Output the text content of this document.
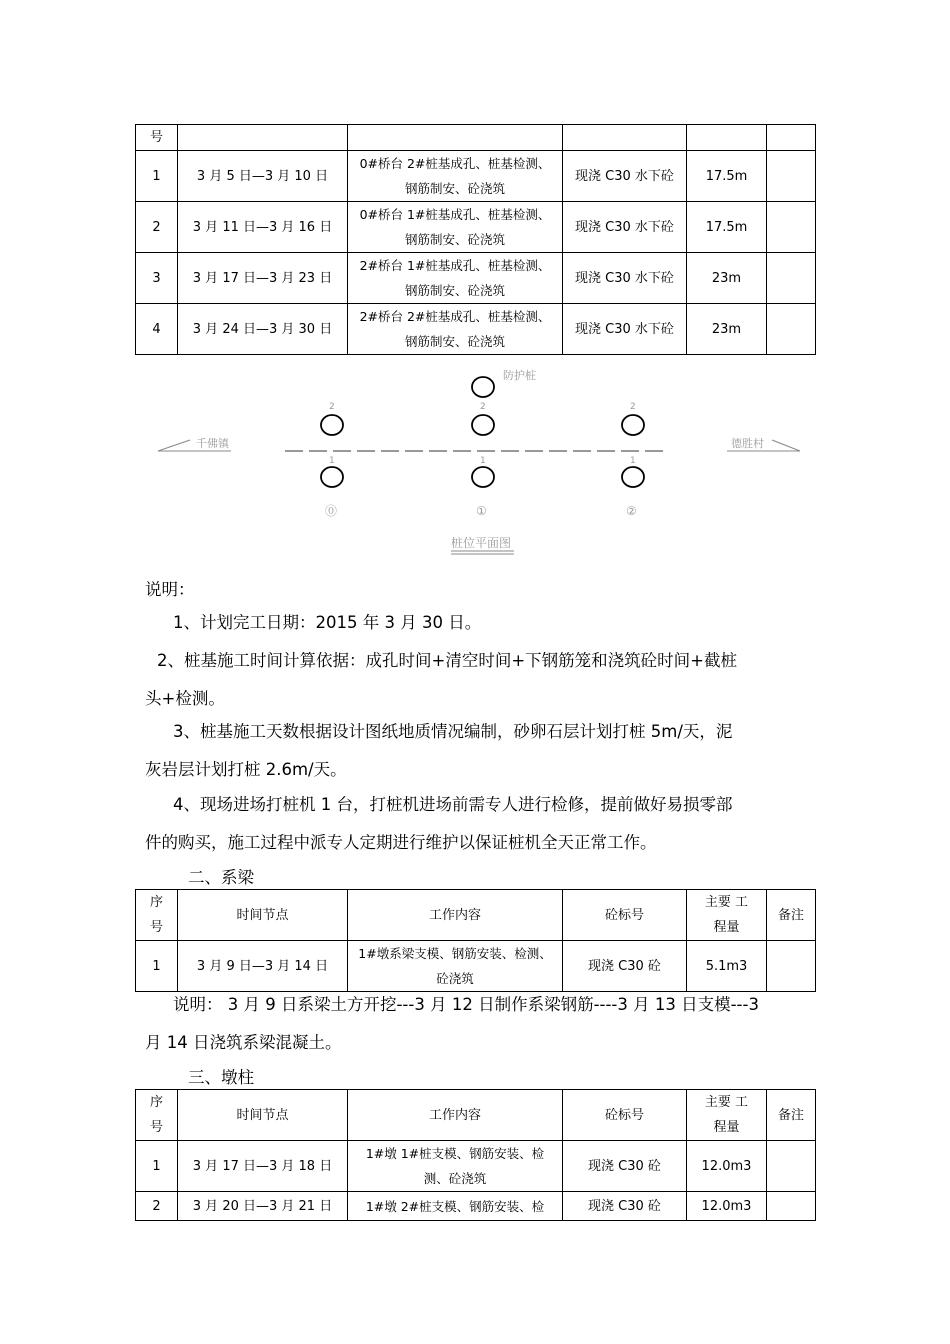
号					
1	3 月 5 日—3 月 10 日	0#桥台 2#桩基成孔、桩基检测、
钢筋制安、砼浇筑	现浇 C30 水下砼	17.5m	
2	3 月 11 日—3 月 16 日	0#桥台 1#桩基成孔、桩基检测、
钢筋制安、砼浇筑	现浇 C30 水下砼	17.5m	
3	3 月 17 日—3 月 23 日	2#桥台 1#桩基成孔、桩基检测、
钢筋制安、砼浇筑	现浇 C30 水下砼	23m	
4	3 月 24 日—3 月 30 日	2#桥台 2#桩基成孔、桩基检测、
钢筋制安、砼浇筑	现浇 C30 水下砼	23m	
防护桩
千佛镇	德胜村
2	2	2
1	1	1
⓪	①	②
桩位平面图
说明：
1、计划完工日期：2015 年 3 月 30 日。
2、桩基施工时间计算依据：成孔时间+清空时间+下钢筋笼和浇筑砼时间+截桩
头+检测。
3、桩基施工天数根据设计图纸地质情况编制，砂卵石层计划打桩 5m/天，泥
灰岩层计划打桩 2.6m/天。
4、现场进场打桩机 1 台，打桩机进场前需专人进行检修，提前做好易损零部
件的购买，施工过程中派专人定期进行维护以保证桩机全天正常工作。
二、系梁
序
号	时间节点	工作内容	砼标号	主要 工
程量	备注
1	3 月 9 日—3 月 14 日	1#墩系梁支模、钢筋安装、检测、
砼浇筑	现浇 C30 砼	5.1m3	
说明： 3 月 9 日系梁土方开挖---3 月 12 日制作系梁钢筋----3 月 13 日支模---3
月 14 日浇筑系梁混凝土。
三、墩柱
序
号	时间节点	工作内容	砼标号	主要 工
程量	备注
1	3 月 17 日—3 月 18 日	1#墩 1#桩支模、钢筋安装、检
测、砼浇筑	现浇 C30 砼	12.0m3	
2	3 月 20 日—3 月 21 日	1#墩 2#桩支模、钢筋安装、检	现浇 C30 砼	12.0m3	
